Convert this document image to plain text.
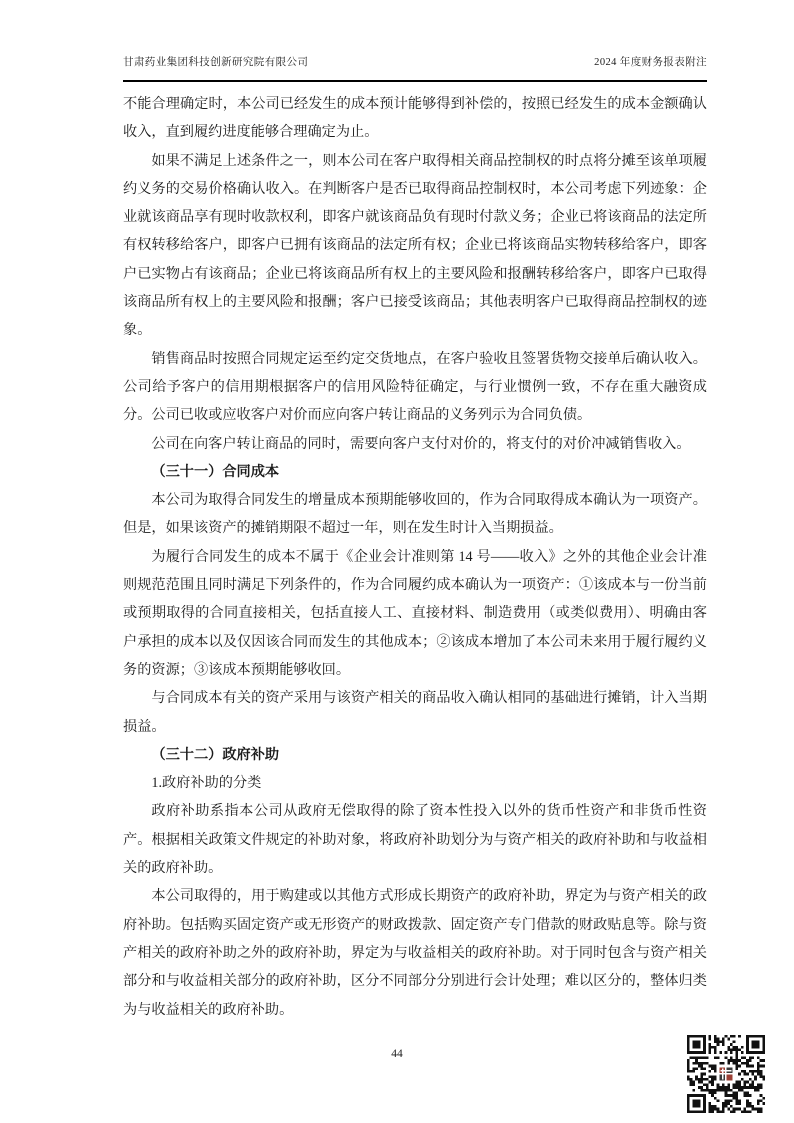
甘肃药业集团科技创新研究院有限公司	2024 年度财务报表附注

不能合理确定时，本公司已经发生的成本预计能够得到补偿的，按照已经发生的成本金额确认收入，直到履约进度能够合理确定为止。

如果不满足上述条件之一，则本公司在客户取得相关商品控制权的时点将分摊至该单项履约义务的交易价格确认收入。在判断客户是否已取得商品控制权时，本公司考虑下列迹象：企业就该商品享有现时收款权利，即客户就该商品负有现时付款义务；企业已将该商品的法定所有权转移给客户，即客户已拥有该商品的法定所有权；企业已将该商品实物转移给客户，即客户已实物占有该商品；企业已将该商品所有权上的主要风险和报酬转移给客户，即客户已取得该商品所有权上的主要风险和报酬；客户已接受该商品；其他表明客户已取得商品控制权的迹象。

销售商品时按照合同规定运至约定交货地点，在客户验收且签署货物交接单后确认收入。公司给予客户的信用期根据客户的信用风险特征确定，与行业惯例一致，不存在重大融资成分。公司已收或应收客户对价而应向客户转让商品的义务列示为合同负债。

公司在向客户转让商品的同时，需要向客户支付对价的，将支付的对价冲减销售收入。

（三十一）合同成本

本公司为取得合同发生的增量成本预期能够收回的，作为合同取得成本确认为一项资产。但是，如果该资产的摊销期限不超过一年，则在发生时计入当期损益。

为履行合同发生的成本不属于《企业会计准则第 14 号——收入》之外的其他企业会计准则规范范围且同时满足下列条件的，作为合同履约成本确认为一项资产：①该成本与一份当前或预期取得的合同直接相关，包括直接人工、直接材料、制造费用（或类似费用）、明确由客户承担的成本以及仅因该合同而发生的其他成本；②该成本增加了本公司未来用于履行履约义务的资源；③该成本预期能够收回。

与合同成本有关的资产采用与该资产相关的商品收入确认相同的基础进行摊销，计入当期损益。

（三十二）政府补助

1.政府补助的分类

政府补助系指本公司从政府无偿取得的除了资本性投入以外的货币性资产和非货币性资产。根据相关政策文件规定的补助对象，将政府补助划分为与资产相关的政府补助和与收益相关的政府补助。

本公司取得的，用于购建或以其他方式形成长期资产的政府补助，界定为与资产相关的政府补助。包括购买固定资产或无形资产的财政拨款、固定资产专门借款的财政贴息等。除与资产相关的政府补助之外的政府补助，界定为与收益相关的政府补助。对于同时包含与资产相关部分和与收益相关部分的政府补助，区分不同部分分别进行会计处理；难以区分的，整体归类为与收益相关的政府补助。

44
